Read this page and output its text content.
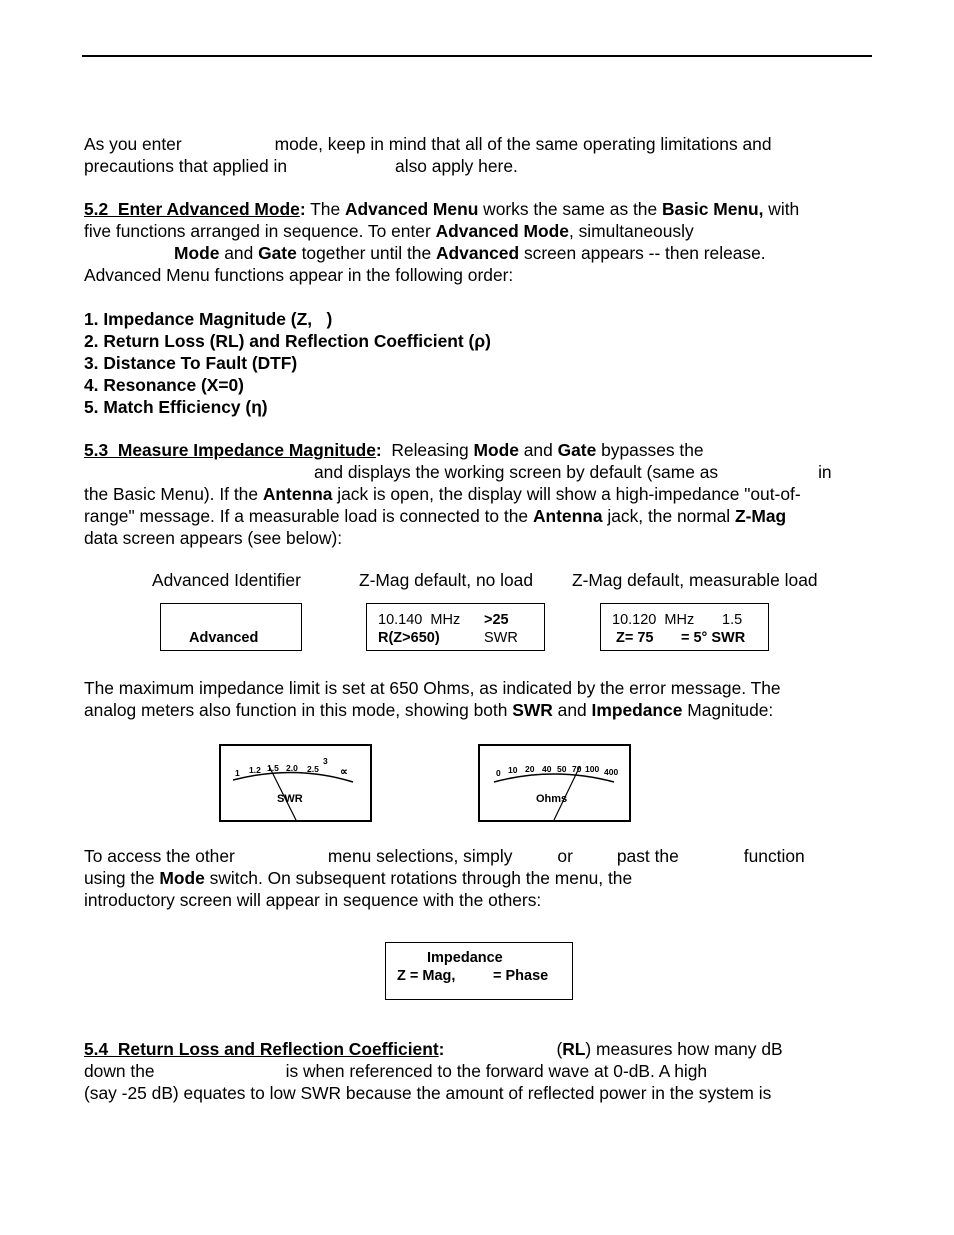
As you enter	mode, keep in mind that all of the same operating limitations and
precautions that applied in	also apply here.
5.2  Enter Advanced Mode: The Advanced Menu works the same as the Basic Menu, with
five functions arranged in sequence. To enter Advanced Mode, simultaneously
Mode and Gate together until the Advanced screen appears -- then release.
Advanced Menu functions appear in the following order:
1. Impedance Magnitude (Z,   )
2. Return Loss (RL) and Reflection Coefficient (ρ)
3. Distance To Fault (DTF)
4. Resonance (X=0)
5. Match Efficiency (η)
5.3  Measure Impedance Magnitude:  Releasing Mode and Gate bypasses the
and displays the working screen by default (same as	in
the Basic Menu). If the Antenna jack is open, the display will show a high-impedance "out-of-
range" message. If a measurable load is connected to the Antenna jack, the normal Z-Mag
data screen appears (see below):
Advanced Identifier	Z-Mag default, no load Z-Mag default, measurable load
Advanced
10.140  MHz >25
R(Z>650)	SWR
10.120  MHz 1.5
Z= 75 = 5° SWR
The maximum impedance limit is set at 650 Ohms, as indicated by the error message. The
analog meters also function in this mode, showing both SWR and Impedance Magnitude:
1 1.2 1.5 2.0 2.5
3
∝
SWR
0 10 20 40 50 70 100 400
Ohms
To access the other	menu selections, simply	or	past the	function
using the Mode switch. On subsequent rotations through the menu, the
introductory screen will appear in sequence with the others:
Impedance
Z = Mag,	= Phase
5.4  Return Loss and Reflection Coefficient:	(RL) measures how many dB
down the	is when referenced to the forward wave at 0-dB. A high
(say -25 dB) equates to low SWR because the amount of reflected power in the system is
